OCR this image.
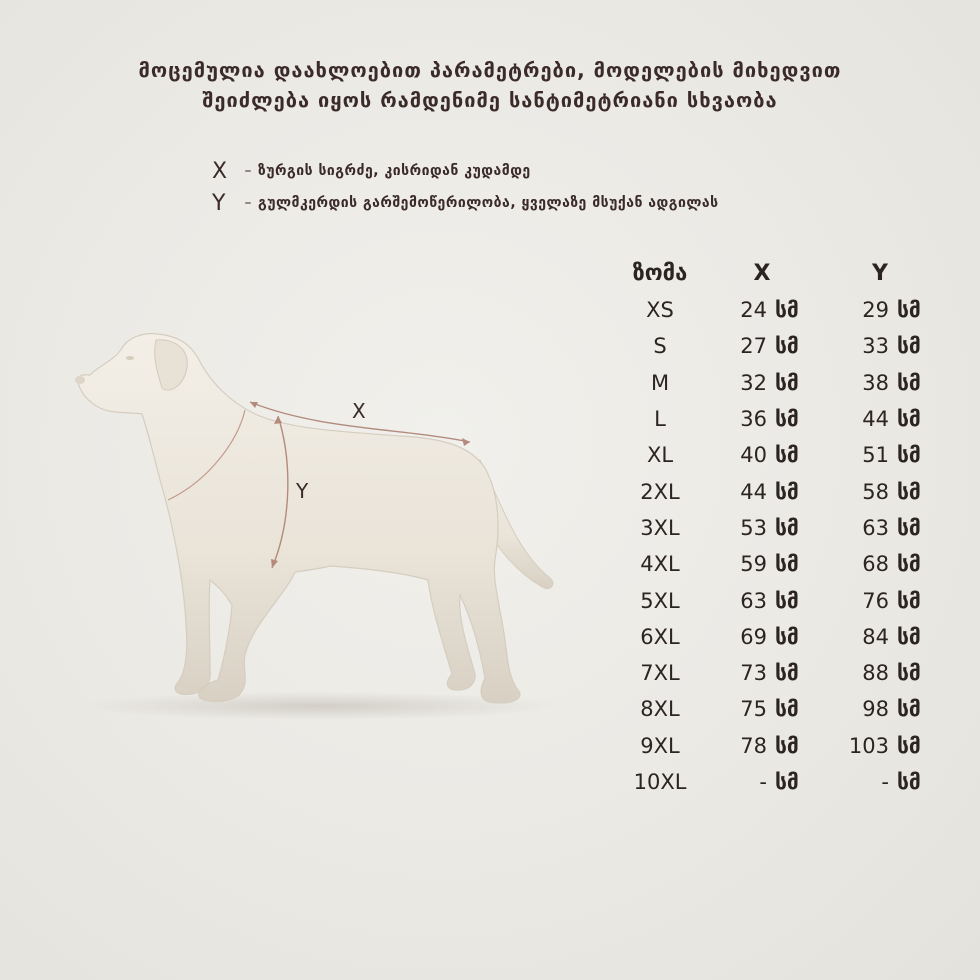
მოცემულია დაახლოებით პარამეტრები, მოდელების მიხედვით
შეიძლება იყოს რამდენიმე სანტიმეტრიანი სხვაობა
X	– ზურგის სიგრძე, კისრიდან კუდამდე
Y	– გულმკერდის გარშემოწერილობა, ყველაზე მსუქან ადგილას
X
Y
ზომა	X	Y
XS	24 სმ	29 სმ
S	27 სმ	33 სმ
M	32 სმ	38 სმ
L	36 სმ	44 სმ
XL	40 სმ	51 სმ
2XL	44 სმ	58 სმ
3XL	53 სმ	63 სმ
4XL	59 სმ	68 სმ
5XL	63 სმ	76 სმ
6XL	69 სმ	84 სმ
7XL	73 სმ	88 სმ
8XL	75 სმ	98 სმ
9XL	78 სმ	103 სმ
10XL	- სმ	- სმ
